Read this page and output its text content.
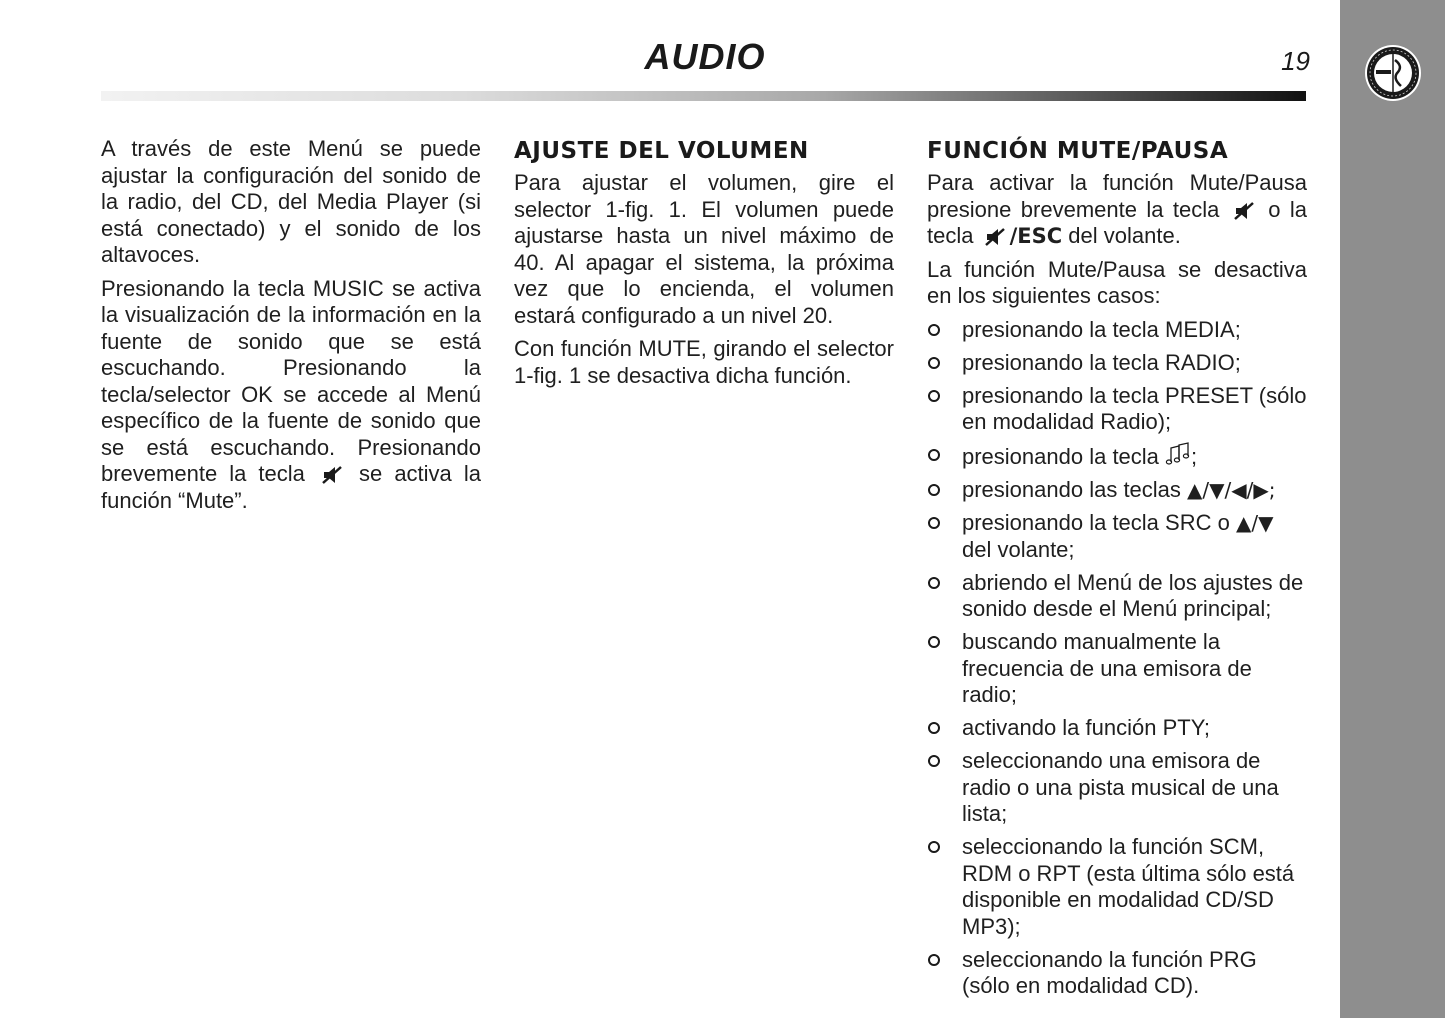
AUDIO	19

A través de este Menú se puede ajustar la configuración del sonido de la radio, del CD, del Media Player (si está conectado) y el sonido de los altavoces.

Presionando la tecla MUSIC se activa la visualización de la información en la fuente de sonido que se está escuchando. Presionando la tecla/selector OK se accede al Menú específico de la fuente de sonido que se está escuchando. Presionando brevemente la tecla se activa la función “Mute”.

AJUSTE DEL VOLUMEN

Para ajustar el volumen, gire el selector 1-fig. 1. El volumen puede ajustarse hasta un nivel máximo de 40. Al apagar el sistema, la próxima vez que lo encienda, el volumen estará configurado a un nivel 20.

Con función MUTE, girando el selector 1-fig. 1 se desactiva dicha función.

FUNCIÓN MUTE/PAUSA

Para activar la función Mute/Pausa presione brevemente la tecla o la tecla /ESC del volante.

La función Mute/Pausa se desactiva en los siguientes casos:

presionando la tecla MEDIA;
presionando la tecla RADIO;
presionando la tecla PRESET (sólo en modalidad Radio);
presionando la tecla ;
presionando las teclas ▲/▼/◀/▶;
presionando la tecla SRC o ▲/▼ del volante;
abriendo el Menú de los ajustes de sonido desde el Menú principal;
buscando manualmente la frecuencia de una emisora de radio;
activando la función PTY;
seleccionando una emisora de radio o una pista musical de una lista;
seleccionando la función SCM, RDM o RPT (esta última sólo está disponible en modalidad CD/SD MP3);
seleccionando la función PRG (sólo en modalidad CD).
